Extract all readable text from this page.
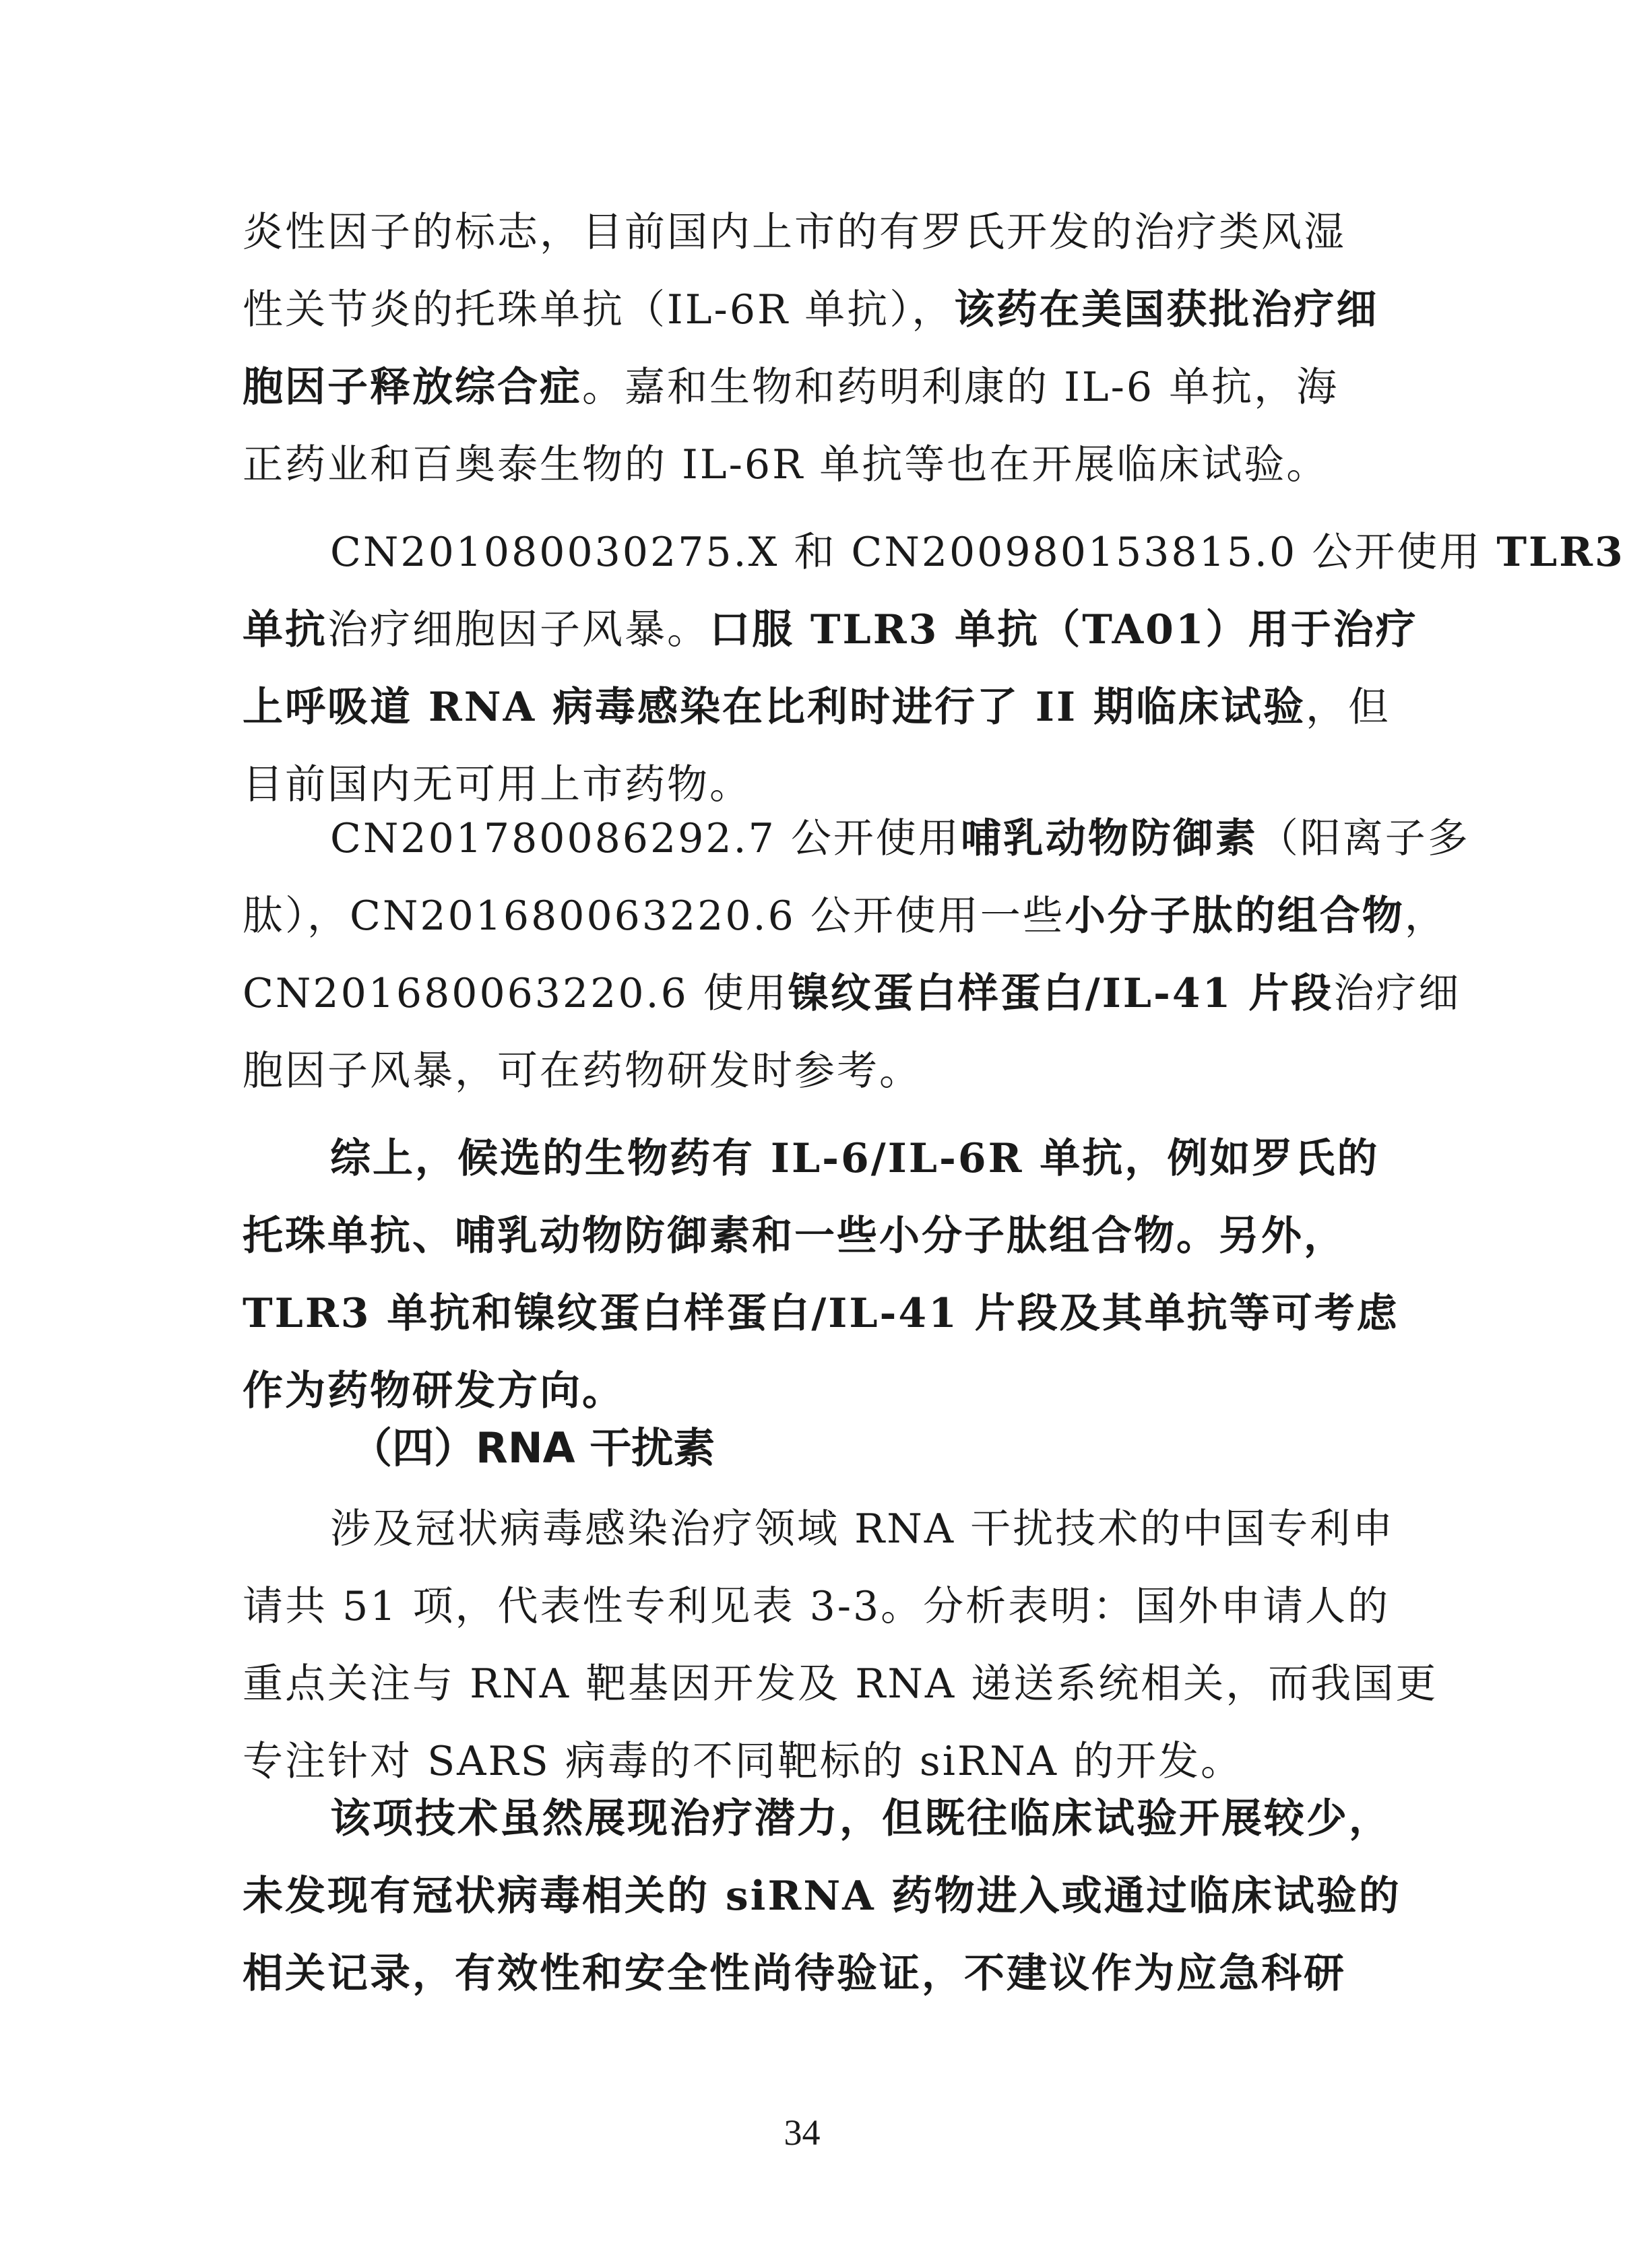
炎性因子的标志，目前国内上市的有罗氏开发的治疗类风湿
性关节炎的托珠单抗（IL-6R 单抗），该药在美国获批治疗细
胞因子释放综合症。嘉和生物和药明利康的 IL-6 单抗，海
正药业和百奥泰生物的 IL-6R 单抗等也在开展临床试验。
CN201080030275.X 和 CN200980153815.0 公开使用 TLR3
单抗治疗细胞因子风暴。口服 TLR3 单抗（TA01）用于治疗
上呼吸道 RNA 病毒感染在比利时进行了 II 期临床试验，但
目前国内无可用上市药物。
CN201780086292.7 公开使用哺乳动物防御素（阳离子多
肽），CN201680063220.6 公开使用一些小分子肽的组合物，
CN201680063220.6 使用镍纹蛋白样蛋白/IL-41 片段治疗细
胞因子风暴，可在药物研发时参考。
综上，候选的生物药有 IL-6/IL-6R 单抗，例如罗氏的
托珠单抗、哺乳动物防御素和一些小分子肽组合物。另外，
TLR3 单抗和镍纹蛋白样蛋白/IL-41 片段及其单抗等可考虑
作为药物研发方向。
涉及冠状病毒感染治疗领域 RNA 干扰技术的中国专利申
请共 51 项，代表性专利见表 3-3。分析表明：国外申请人的
重点关注与 RNA 靶基因开发及 RNA 递送系统相关，而我国更
专注针对 SARS 病毒的不同靶标的 siRNA 的开发。
该项技术虽然展现治疗潜力，但既往临床试验开展较少，
未发现有冠状病毒相关的 siRNA 药物进入或通过临床试验的
相关记录，有效性和安全性尚待验证，不建议作为应急科研
（四）RNA 干扰素
34
